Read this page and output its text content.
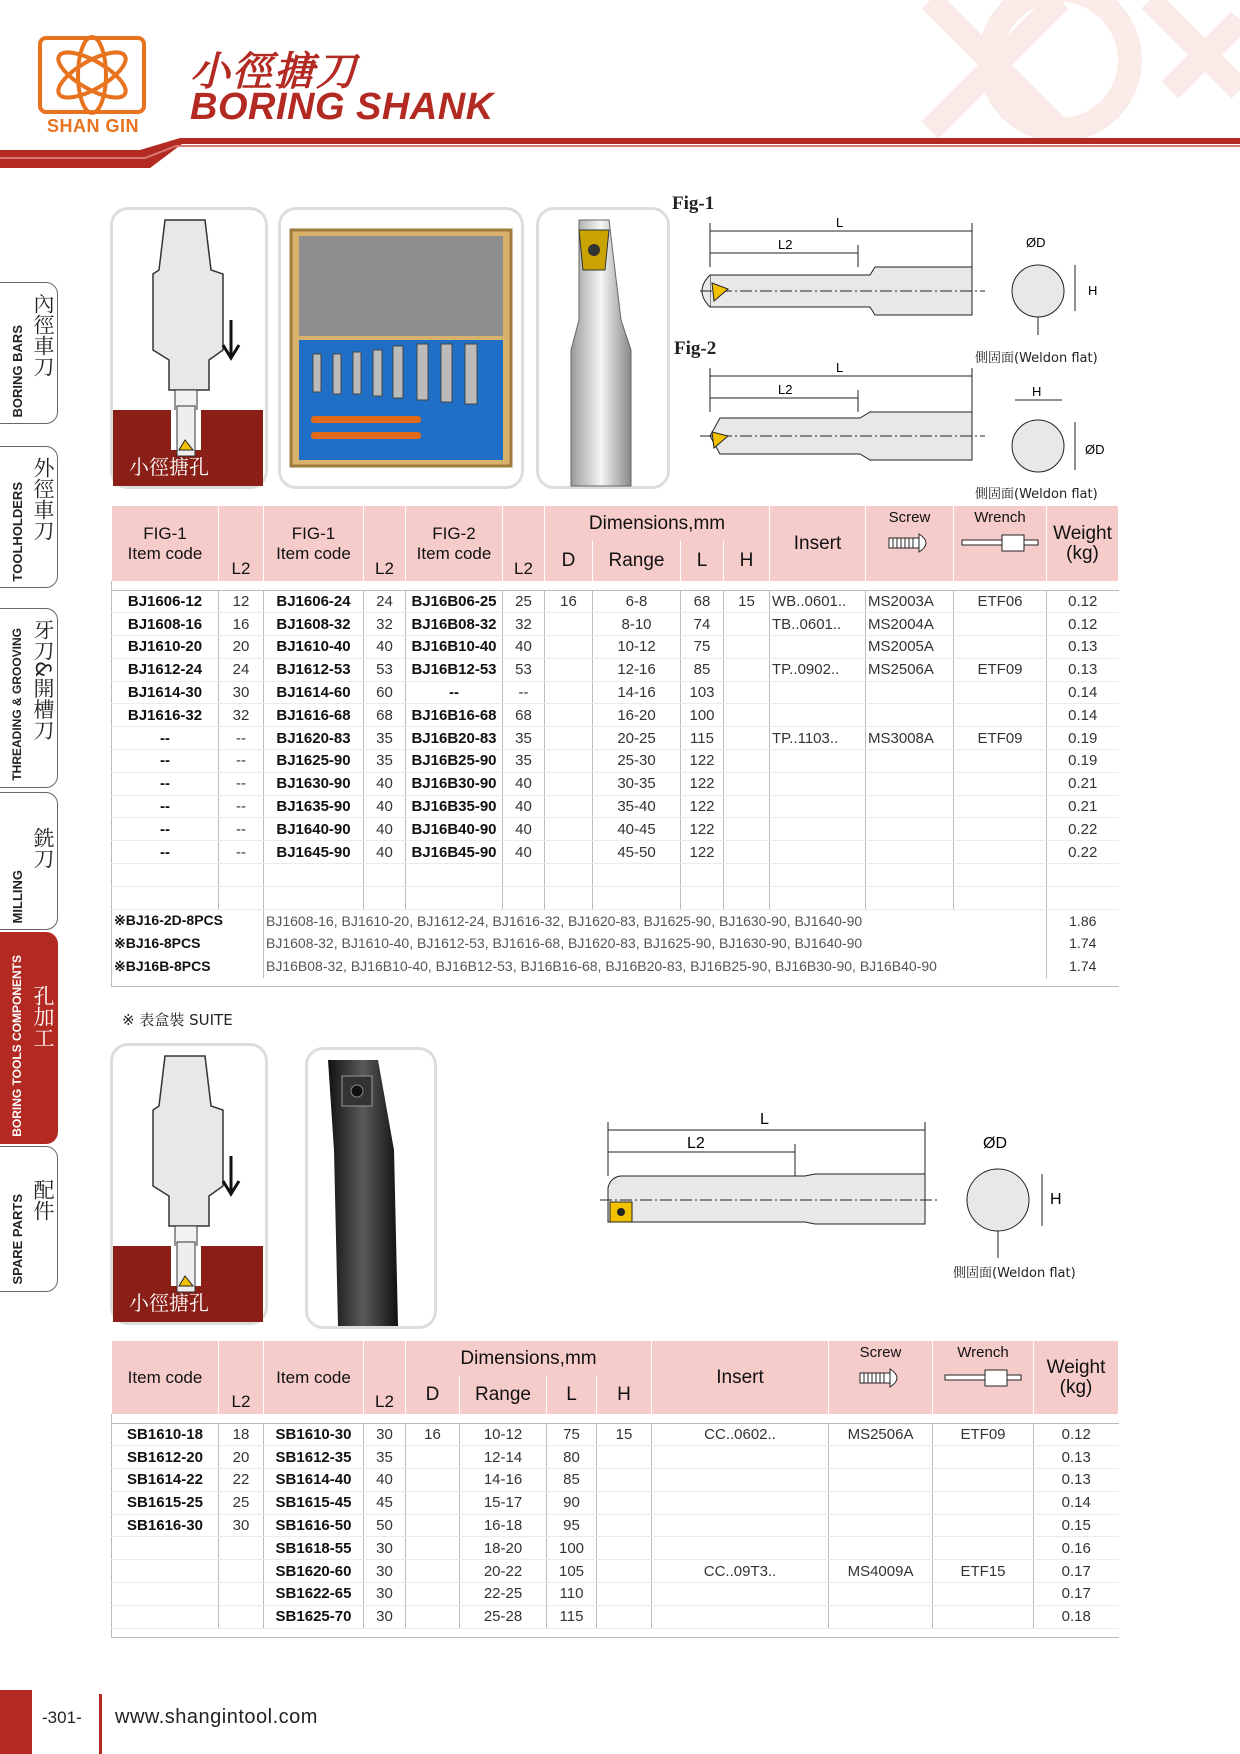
SHAN GIN
小徑搪刀
BORING SHANK
BORING BARS 內徑車刀
TOOLHOLDERS 外徑車刀
THREADING & GROOVING 牙刀&開槽刀
MILLING
銑刀
BORING TOOLS COMPONENTS 孔加工
SPARE PARTS 配件
小徑搪孔
Fig-1
L
L2	ØD
H
側固面(Weldon flat)
Fig-2
L
L2	H
ØD
側固面(Weldon flat)
FIG-1
Item code	L2	FIG-1
Item code	L2	FIG-2
Item code	L2	Dimensions,mm				Insert	Screw	Wrench	Weight
(kg)
						D	Range	L	H				

BJ1606-12	12	BJ1606-24	24	BJ16B06-25	25	16	6-8	68	15	WB..0601..	MS2003A	ETF06	0.12
BJ1608-16	16	BJ1608-32	32	BJ16B08-32	32		8-10	74		TB..0601..	MS2004A		0.12
BJ1610-20	20	BJ1610-40	40	BJ16B10-40	40		10-12	75			MS2005A		0.13
BJ1612-24	24	BJ1612-53	53	BJ16B12-53	53		12-16	85		TP..0902..	MS2506A	ETF09	0.13
BJ1614-30	30	BJ1614-60	60	--	--		14-16	103					0.14
BJ1616-32	32	BJ1616-68	68	BJ16B16-68	68		16-20	100					0.14
--	--	BJ1620-83	35	BJ16B20-83	35		20-25	115		TP..1103..	MS3008A	ETF09	0.19
--	--	BJ1625-90	35	BJ16B25-90	35		25-30	122					0.19
--	--	BJ1630-90	40	BJ16B30-90	40		30-35	122					0.21
--	--	BJ1635-90	40	BJ16B35-90	40		35-40	122					0.21
--	--	BJ1640-90	40	BJ16B40-90	40		40-45	122					0.22
--	--	BJ1645-90	40	BJ16B45-90	40		45-50	122					0.22

※BJ16-2D-8PCS		BJ1608-16, BJ1610-20, BJ1612-24, BJ1616-32, BJ1620-83, BJ1625-90, BJ1630-90, BJ1640-90											1.86
※BJ16-8PCS		BJ1608-32, BJ1610-40, BJ1612-53, BJ1616-68, BJ1620-83, BJ1625-90, BJ1630-90, BJ1640-90											1.74
※BJ16B-8PCS		BJ16B08-32, BJ16B10-40, BJ16B12-53, BJ16B16-68, BJ16B20-83, BJ16B25-90, BJ16B30-90, BJ16B40-90											1.74

※ 表盒裝 SUITE
小徑搪孔
L
L2	ØD
H
側固面(Weldon flat)
Item code	L2	Item code	L2	Dimensions,mm				Insert	Screw	Wrench	Weight
(kg)
				D	Range	L	H				

SB1610-18	18	SB1610-30	30	16	10-12	75	15	CC..0602..	MS2506A	ETF09	0.12
SB1612-20	20	SB1612-35	35		12-14	80					0.13
SB1614-22	22	SB1614-40	40		14-16	85					0.13
SB1615-25	25	SB1615-45	45		15-17	90					0.14
SB1616-30	30	SB1616-50	50		16-18	95					0.15
		SB1618-55	30		18-20	100					0.16
		SB1620-60	30		20-22	105		CC..09T3..	MS4009A	ETF15	0.17
		SB1622-65	30		22-25	110					0.17
		SB1625-70	30		25-28	115					0.18

-301- www.shangintool.com
